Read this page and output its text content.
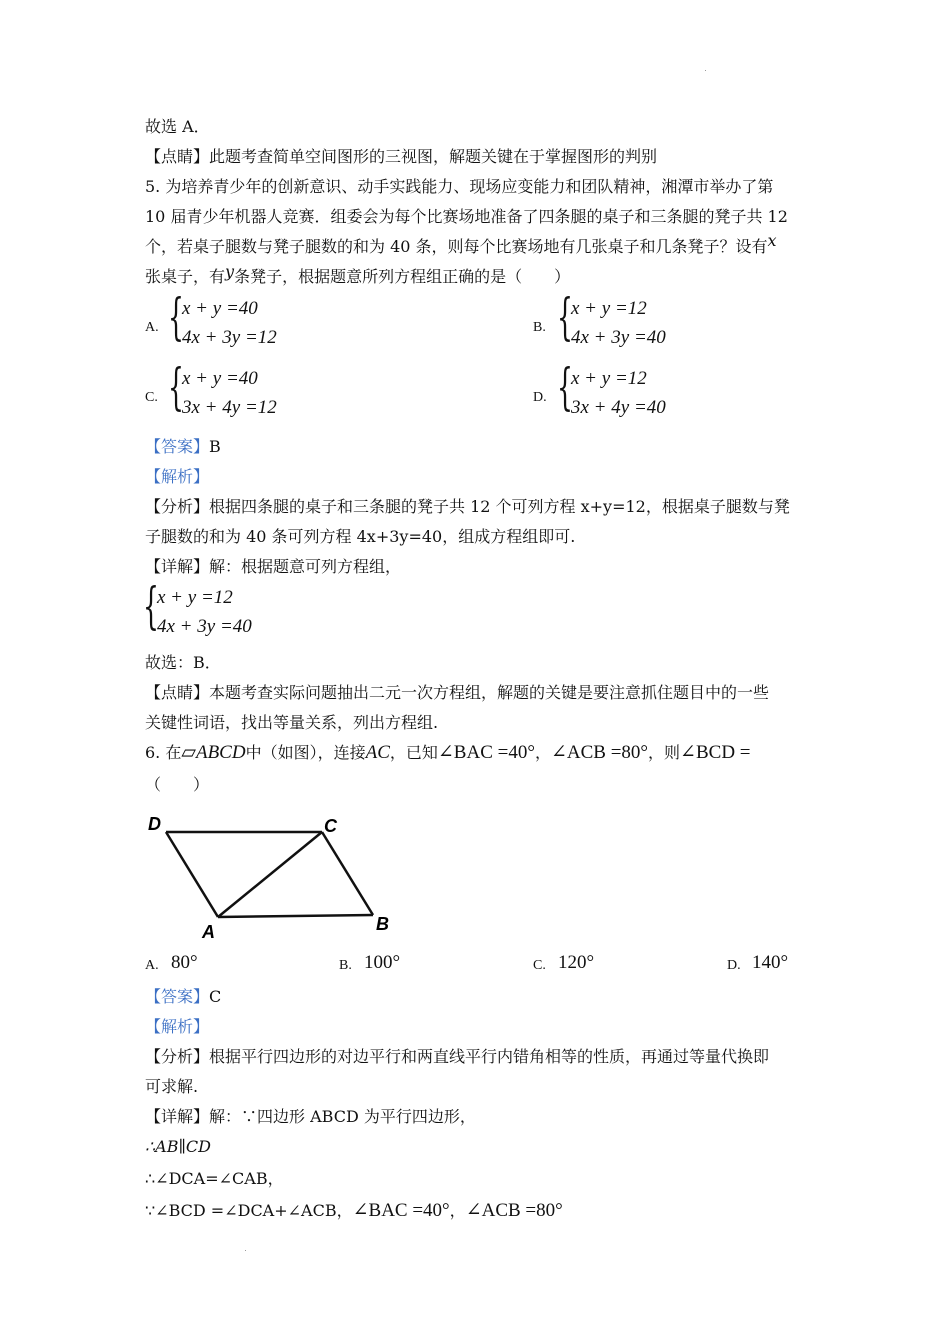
故选 A．
【点睛】此题考查简单空间图形的三视图，解题关键在于掌握图形的判别
5. 为培养青少年的创新意识、动手实践能力、现场应变能力和团队精神，湘潭市举办了第
10 届青少年机器人竞赛．组委会为每个比赛场地准备了四条腿的桌子和三条腿的凳子共 12
个，若桌子腿数与凳子腿数的和为 40 条，则每个比赛场地有几张桌子和几条凳子？设有x
张桌子，有y条凳子，根据题意所列方程组正确的是（　　）
A. {
x + y =40
4x + 3y =12	B. {
x + y =12
4x + 3y =40
C. {
x + y =40
3x + 4y =12	D. {
x + y =12
3x + 4y =40
【答案】B
【解析】
【分析】根据四条腿的桌子和三条腿的凳子共 12 个可列方程 x+y=12，根据桌子腿数与凳
子腿数的和为 40 条可列方程 4x+3y=40，组成方程组即可.
【详解】解：根据题意可列方程组，
{
x + y =12
4x + 3y =40
故选：B．
【点睛】本题考查实际问题抽出二元一次方程组，解题的关键是要注意抓住题目中的一些
关键性词语，找出等量关系，列出方程组.
6. 在▱ABCD中（如图），连接AC，已知∠BAC =40°，∠ACB =80°，则∠BCD =
（　　）
D	C
A	B
A. 80°	B. 100°	C. 120°	D. 140°
【答案】C
【解析】
【分析】根据平行四边形的对边平行和两直线平行内错角相等的性质，再通过等量代换即
可求解.
【详解】解：∵四边形 ABCD 为平行四边形，
∴AB∥CD
∴∠DCA=∠CAB，
∵∠BCD =∠DCA+∠ACB，∠BAC =40°，∠ACB =80°
